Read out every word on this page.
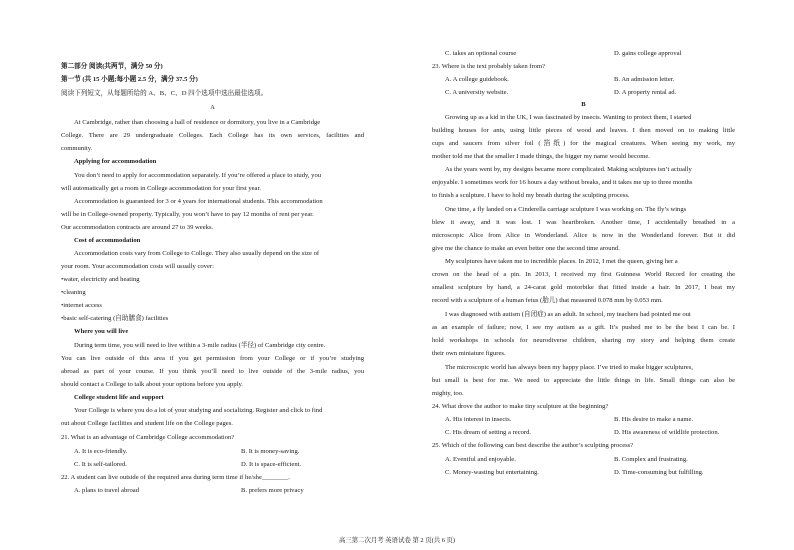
第二部分 阅读(共两节，满分 50 分)
第一节 (共 15 小题;每小题 2.5 分，满分 37.5 分)
阅读下列短文，从每题所给的 A、B、C、D 四个选项中选出最佳选项。
A
At Cambridge, rather than choosing a hall of residence or dormitory, you live in a Cambridge
College. There are 29 undergraduate Colleges. Each College has its own services, facilities and
community.
Applying for accommodation
You don’t need to apply for accommodation separately. If you’re offered a place to study, you
will automatically get a room in College accommodation for your first year.
Accommodation is guaranteed for 3 or 4 years for international students. This accommodation
will be in College-owned property. Typically, you won’t have to pay 12 months of rent per year.
Our accommodation contracts are around 27 to 39 weeks.
Cost of accommodation
Accommodation costs vary from College to College. They also usually depend on the size of
your room. Your accommodation costs will usually cover:
•water, electricity and heating
•cleaning
•internet access
•basic self-catering (自助膳食) facilities
Where you will live
During term time, you will need to live within a 3-mile radius (半径) of Cambridge city centre.
You can live outside of this area if you get permission from your College or if you’re studying
abroad as part of your course. If you think you’ll need to live outside of the 3-mile radius, you
should contact a College to talk about your options before you apply.
College student life and support
Your College is where you do a lot of your studying and socializing. Register and click to find
out about College facilities and student life on the College pages.
21. What is an advantage of Cambridge College accommodation?
A. It is eco-friendly.	B. It is money-saving.
C. It is self-tailored.	D. It is space-efficient.
22. A student can live outside of the required area during term time if he/she________.
A. plans to travel abroad	B. prefers more privacy
C. takes an optional course	D. gains college approval
23. Where is the text probably taken from?
A. A college guidebook.	B. An admission letter.
C. A university website.	D. A property rental ad.
B
Growing up as a kid in the UK, I was fascinated by insects. Wanting to protect them, I started
building houses for ants, using little pieces of wood and leaves. I then moved on to making little
cups and saucers from silver foil (箔纸) for the magical creatures. When seeing my work, my
mother told me that the smaller I made things, the bigger my name would become.
As the years went by, my designs became more complicated. Making sculptures isn’t actually
enjoyable. I sometimes work for 16 hours a day without breaks, and it takes me up to three months
to finish a sculpture. I have to hold my breath during the sculpting process.
One time, a fly landed on a Cinderella carriage sculpture I was working on. The fly’s wings
blew it away, and it was lost. I was heartbroken. Another time, I accidentally breathed in a
microscopic Alice from Alice in Wonderland. Alice is now in the Wonderland forever. But it did
give me the chance to make an even better one the second time around.
My sculptures have taken me to incredible places. In 2012, I met the queen, giving her a
crown on the head of a pin. In 2013, I received my first Guinness World Record for creating the
smallest sculpture by hand, a 24-carat gold motorbike that fitted inside a hair. In 2017, I beat my
record with a sculpture of a human fetus (胎儿) that measured 0.078 mm by 0.053 mm.
I was diagnosed with autism (自闭症) as an adult. In school, my teachers had pointed me out
as an example of failure; now, I see my autism as a gift. It’s pushed me to be the best I can be. I
hold workshops in schools for neurodiverse children, sharing my story and helping them create
their own miniature figures.
The microscopic world has always been my happy place. I’ve tried to make bigger sculptures,
but small is best for me. We need to appreciate the little things in life. Small things can also be
mighty, too.
24. What drove the author to make tiny sculpture at the beginning?
A. His interest in insects.	B. His desire to make a name.
C. His dream of setting a record.	D. His awareness of wildlife protection.
25. Which of the following can best describe the author’s sculpting process?
A. Eventful and enjoyable.	B. Complex and frustrating.
C. Money-wasting but entertaining.	D. Time-consuming but fulfilling.
高三第二次月考 英语试卷 第 2 页(共 6 页)
